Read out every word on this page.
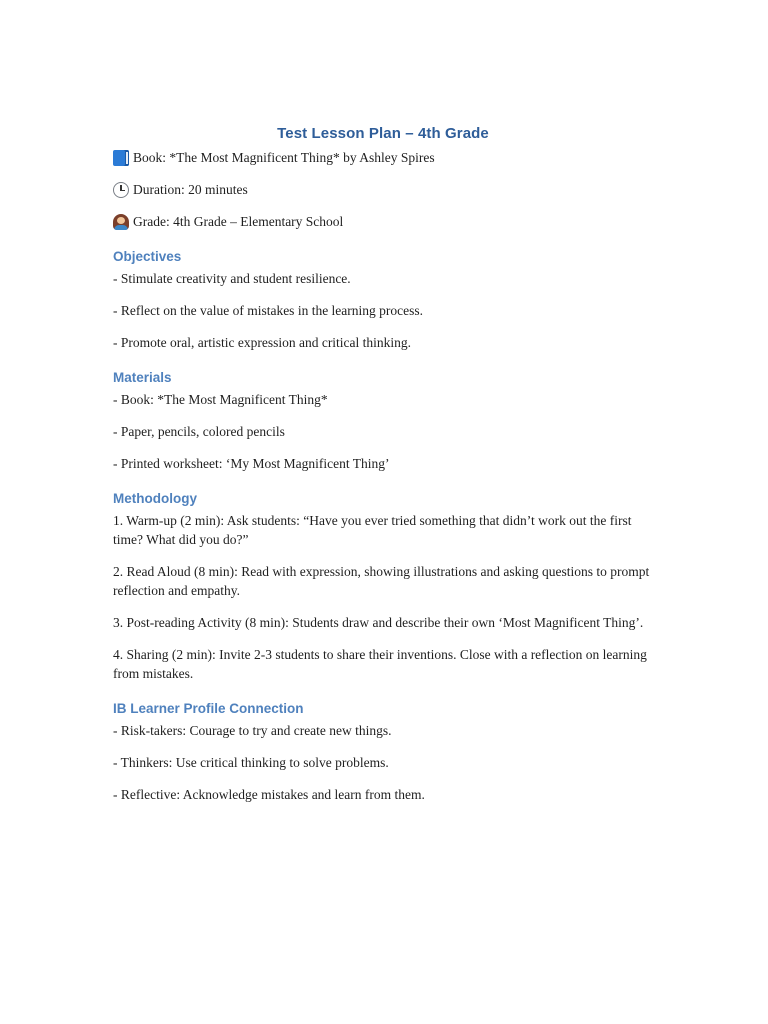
Test Lesson Plan – 4th Grade
Book: *The Most Magnificent Thing* by Ashley Spires
Duration: 20 minutes
Grade: 4th Grade – Elementary School
Objectives

- Stimulate creativity and student resilience.

- Reflect on the value of mistakes in the learning process.

- Promote oral, artistic expression and critical thinking.

Materials

- Book: *The Most Magnificent Thing*

- Paper, pencils, colored pencils

- Printed worksheet: ‘My Most Magnificent Thing’

Methodology

1. Warm-up (2 min): Ask students: “Have you ever tried something that didn’t work out the first time? What did you do?”

2. Read Aloud (8 min): Read with expression, showing illustrations and asking questions to prompt reflection and empathy.

3. Post-reading Activity (8 min): Students draw and describe their own ‘Most Magnificent Thing’.

4. Sharing (2 min): Invite 2-3 students to share their inventions. Close with a reflection on learning from mistakes.

IB Learner Profile Connection

- Risk-takers: Courage to try and create new things.

- Thinkers: Use critical thinking to solve problems.

- Reflective: Acknowledge mistakes and learn from them.
